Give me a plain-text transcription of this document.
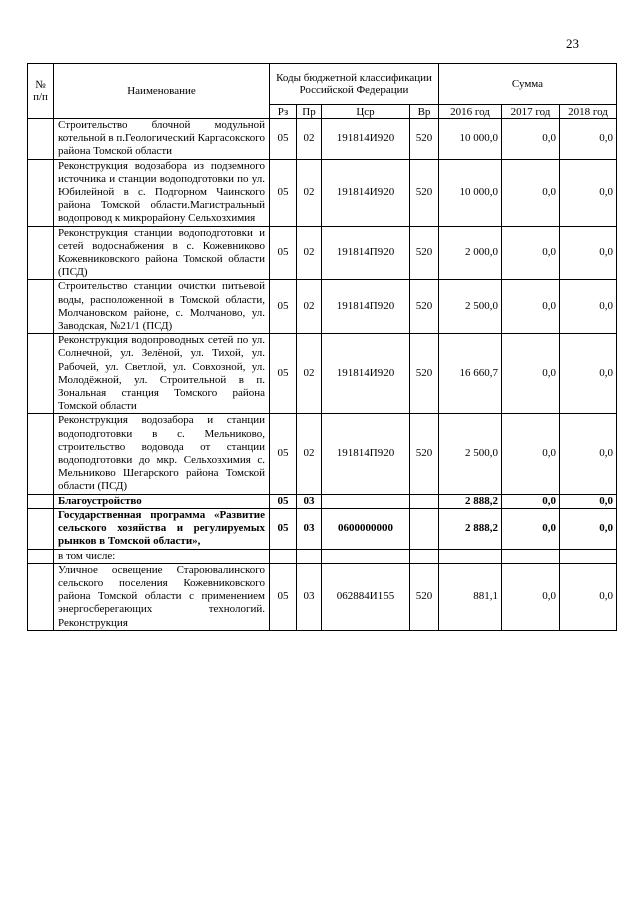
23
№ п/п	Наименование	Коды бюджетной классификации Российской Федерации				Сумма		
		Рз	Пр	Цср	Вр	2016 год	2017 год	2018 год
	Строительство блочной модульной котельной в п.Геологический Каргасокского района Томской области	05	02	191814И920	520	10 000,0	0,0	0,0
	Реконструкция водозабора из подземного источника и станции водоподготовки по ул. Юбилейной в с. Подгорном Чаинского района Томской области.Магистральный водопровод к микрорайону Сельхозхимия	05	02	191814И920	520	10 000,0	0,0	0,0
	Реконструкция станции водоподготовки и сетей водоснабжения в с. Кожевниково Кожевниковского района Томской области (ПСД)	05	02	191814П920	520	2 000,0	0,0	0,0
	Строительство станции очистки питьевой воды, расположенной в Томской области, Молчановском районе, с. Молчаново, ул. Заводская, №21/1 (ПСД)	05	02	191814П920	520	2 500,0	0,0	0,0
	Реконструкция водопроводных сетей по ул. Солнечной, ул. Зелёной, ул. Тихой, ул. Рабочей, ул. Светлой, ул. Совхозной, ул. Молодёжной, ул. Строительной в п. Зональная станция Томского района Томской области	05	02	191814И920	520	16 660,7	0,0	0,0
	Реконструкция водозабора и станции водоподготовки в с. Мельниково, строительство водовода от станции водоподготовки до мкр. Сельхозхимия с. Мельниково Шегарского района Томской области (ПСД)	05	02	191814П920	520	2 500,0	0,0	0,0
	Благоустройство	05	03			2 888,2	0,0	0,0
	Государственная программа «Развитие сельского хозяйства и регулируемых рынков в Томской области»,	05	03	0600000000		2 888,2	0,0	0,0
	в том числе:							
	Уличное освещение Староювалинского сельского поселения Кожевниковского района Томской области с применением энергосберегающих технологий. Реконструкция	05	03	062884И155	520	881,1	0,0	0,0
